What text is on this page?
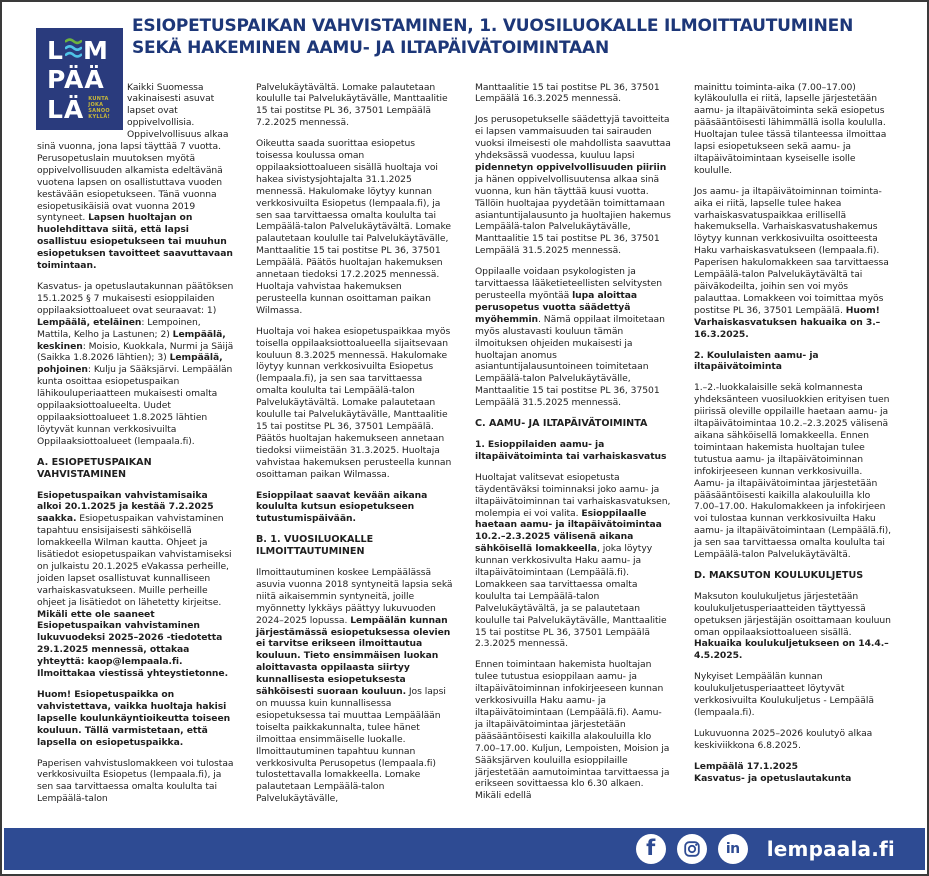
L M
PÄÄ
LÄ KUNTA
JOKA
SANOO
KYLLÄ!
ESIOPETUSPAIKAN VAHVISTAMINEN, 1. VUOSILUOKALLE ILMOITTAUTUMINEN SEKÄ HAKEMINEN AAMU- JA ILTAPÄIVÄTOIMINTAAN

Kaikki Suomessa vakinaisesti asuvat lapset ovat oppivelvollisia. Oppivelvollisuus alkaa sinä vuonna, jona lapsi täyttää 7 vuotta. Perusopetuslain muutoksen myötä oppivelvollisuuden alkamista edeltävänä vuotena lapsen on osallistuttava vuoden kestävään esiopetukseen. Tänä vuonna esiopetusikäisiä ovat vuonna 2019 syntyneet. Lapsen huoltajan on huolehdittava siitä, että lapsi osallistuu esiopetukseen tai muuhun esiopetuksen tavoitteet saavuttavaan toimintaan.

Kasvatus- ja opetuslautakunnan päätöksen 15.1.2025 § 7 mukaisesti esioppilaiden oppilaaksiottoalueet ovat seuraavat: 1) Lempäälä, eteläinen: Lempoinen, Mattila, Kelho ja Lastunen; 2) Lempäälä, keskinen: Moisio, Kuokkala, Nurmi ja Säijä (Saikka 1.8.2026 lähtien); 3) Lempäälä, pohjoinen: Kulju ja Sääksjärvi. Lempäälän kunta osoittaa esiopetuspaikan lähikouluperiaatteen mukaisesti omalta oppilaaksiottoalueelta. Uudet oppilaaksiottoalueet 1.8.2025 lähtien löytyvät kunnan verkkosivuilta Oppilaaksiottoalueet (lempaala.fi).

A. ESIOPETUSPAIKAN VAHVISTAMINEN

Esiopetuspaikan vahvistamisaika alkoi 20.1.2025 ja kestää 7.2.2025 saakka. Esiopetuspaikan vahvistaminen tapahtuu ensisijaisesti sähköisellä lomakkeella Wilman kautta. Ohjeet ja lisätiedot esiopetuspaikan vahvistamiseksi on julkaistu 20.1.2025 eVakassa perheille, joiden lapset osallistuvat kunnalliseen varhaiskasvatukseen. Muille perheille ohjeet ja lisätiedot on lähetetty kirjeitse. Mikäli ette ole saaneet Esiopetuspaikan vahvistaminen lukuvuodeksi 2025–2026 -tiedotetta 29.1.2025 mennessä, ottakaa yhteyttä: kaop@lempaala.fi. Ilmoittakaa viestissä yhteystietonne.

Huom! Esiopetuspaikka on vahvistettava, vaikka huoltaja hakisi lapselle koulunkäyntioikeutta toiseen kouluun. Tällä varmistetaan, että lapsella on esiopetuspaikka.

Paperisen vahvistuslomakkeen voi tulostaa verkkosivuilta Esiopetus (lempaala.fi), ja sen saa tarvittaessa omalta koululta tai Lempäälä-talon

Palvelukäytävältä. Lomake palautetaan koululle tai Palvelukäytävälle, Manttaalitie 15 tai postitse PL 36, 37501 Lempäälä 7.2.2025 mennessä.

Oikeutta saada suorittaa esiopetus toisessa koulussa oman oppilaaksiottoalueen sisällä huoltaja voi hakea sivistysjohtajalta 31.1.2025 mennessä. Hakulomake löytyy kunnan verkkosivuilta Esiopetus (lempaala.fi), ja sen saa tarvittaessa omalta koululta tai Lempäälä-talon Palvelukäytävältä. Lomake palautetaan koululle tai Palvelukäytävälle, Manttaalitie 15 tai postitse PL 36, 37501 Lempäälä. Päätös huoltajan hakemuksen annetaan tiedoksi 17.2.2025 mennessä. Huoltaja vahvistaa hakemuksen perusteella kunnan osoittaman paikan Wilmassa.

Huoltaja voi hakea esiopetuspaikkaa myös toisella oppilaaksiottoalueella sijaitsevaan kouluun 8.3.2025 mennessä. Hakulomake löytyy kunnan verkkosivuilta Esiopetus (lempaala.fi), ja sen saa tarvittaessa omalta koululta tai Lempäälä-talon Palvelukäytävältä. Lomake palautetaan koululle tai Palvelukäytävälle, Manttaalitie 15 tai postitse PL 36, 37501 Lempäälä. Päätös huoltajan hakemukseen annetaan tiedoksi viimeistään 31.3.2025. Huoltaja vahvistaa hakemuksen perusteella kunnan osoittaman paikan Wilmassa.

Esioppilaat saavat kevään aikana koululta kutsun esiopetukseen tutustumispäivään.

B. 1. VUOSILUOKALLE ILMOITTAUTUMINEN

Ilmoittautuminen koskee Lempäälässä asuvia vuonna 2018 syntyneitä lapsia sekä niitä aikaisemmin syntyneitä, joille myönnetty lykkäys päättyy lukuvuoden 2024–2025 lopussa. Lempäälän kunnan järjestämässä esiopetuksessa olevien ei tarvitse erikseen ilmoittautua kouluun. Tieto ensimmäisen luokan aloittavasta oppilaasta siirtyy kunnallisesta esiopetuksesta sähköisesti suoraan kouluun. Jos lapsi on muussa kuin kunnallisessa esiopetuksessa tai muuttaa Lempäälään toiselta paikkakunnalta, tulee hänet ilmoittaa ensimmäiselle luokalle. Ilmoittautuminen tapahtuu kunnan verkkosivulta Perusopetus (lempaala.fi) tulostettavalla lomakkeella. Lomake palautetaan Lempäälä-talon Palvelukäytävälle,

Manttaalitie 15 tai postitse PL 36, 37501 Lempäälä 16.3.2025 mennessä.

Jos perusopetukselle säädettyjä tavoitteita ei lapsen vammaisuuden tai sairauden vuoksi ilmeisesti ole mahdollista saavuttaa yhdeksässä vuodessa, kuuluu lapsi pidennetyn oppivelvollisuuden piiriin ja hänen oppivelvollisuutensa alkaa sinä vuonna, kun hän täyttää kuusi vuotta. Tällöin huoltajaa pyydetään toimittamaan asiantuntijalausunto ja huoltajien hakemus Lempäälä-talon Palvelukäytävälle, Manttaalitie 15 tai postitse PL 36, 37501 Lempäälä 31.5.2025 mennessä.

Oppilaalle voidaan psykologisten ja tarvittaessa lääketieteellisten selvitysten perusteella myöntää lupa aloittaa perusopetus vuotta säädettyä myöhemmin. Nämä oppilaat ilmoitetaan myös alustavasti kouluun tämän ilmoituksen ohjeiden mukaisesti ja huoltajan anomus asiantuntijalausuntoineen toimitetaan Lempäälä-talon Palvelukäytävälle, Manttaalitie 15 tai postitse PL 36, 37501 Lempäälä 31.5.2025 mennessä.

C. AAMU- JA ILTAPÄIVÄTOIMINTA
1. Esioppilaiden aamu- ja iltapäivätoiminta tai varhaiskasvatus

Huoltajat valitsevat esiopetusta täydentäväksi toiminnaksi joko aamu- ja iltapäivätoiminnan tai varhaiskasvatuksen, molempia ei voi valita. Esioppilaalle haetaan aamu- ja iltapäivätoimintaa 10.2.–2.3.2025 välisenä aikana sähköisellä lomakkeella, joka löytyy kunnan verkkosivulta Haku aamu- ja iltapäivätoimintaan (Lempäälä.fi). Lomakkeen saa tarvittaessa omalta koululta tai Lempäälä-talon Palvelukäytävältä, ja se palautetaan koululle tai Palvelukäytävälle, Manttaalitie 15 tai postitse PL 36, 37501 Lempäälä 2.3.2025 mennessä.

Ennen toimintaan hakemista huoltajan tulee tutustua esioppilaan aamu- ja iltapäivätoiminnan infokirjeeseen kunnan verkkosivuilla Haku aamu- ja iltapäivätoimintaan (Lempäälä.fi). Aamu- ja iltapäivätoimintaa järjestetään pääsääntöisesti kaikilla alakouluilla klo 7.00–17.00. Kuljun, Lempoisten, Moision ja Sääksjärven kouluilla esioppilaille järjestetään aamutoimintaa tarvittaessa ja erikseen sovittaessa klo 6.30 alkaen. Mikäli edellä

mainittu toiminta-aika (7.00–17.00) kyläkoululla ei riitä, lapselle järjestetään aamu- ja iltapäivätoiminta sekä esiopetus pääsääntöisesti lähimmällä isolla koululla. Huoltajan tulee tässä tilanteessa ilmoittaa lapsi esiopetukseen sekä aamu- ja iltapäivätoimintaan kyseiselle isolle koululle.

Jos aamu- ja iltapäivätoiminnan toiminta-aika ei riitä, lapselle tulee hakea varhaiskasvatuspaikkaa erillisellä hakemuksella. Varhaiskasvatushakemus löytyy kunnan verkkosivuilta osoitteesta Haku varhaiskasvatukseen (lempaala.fi). Paperisen hakulomakkeen saa tarvittaessa Lempäälä-talon Palvelukäytävältä tai päiväkodeilta, joihin sen voi myös palauttaa. Lomakkeen voi toimittaa myös postitse PL 36, 37501 Lempäälä. Huom! Varhaiskasvatuksen hakuaika on 3.–16.3.2025.

2. Koululaisten aamu- ja iltapäivätoiminta

1.–2.-luokkalaisille sekä kolmannesta yhdeksänteen vuosiluokkien erityisen tuen piirissä oleville oppilaille haetaan aamu- ja iltapäivätoimintaa 10.2.–2.3.2025 välisenä aikana sähköisellä lomakkeella. Ennen toimintaan hakemista huoltajan tulee tutustua aamu- ja iltapäivätoiminnan infokirjeeseen kunnan verkkosivuilla. Aamu- ja iltapäivätoimintaa järjestetään pääsääntöisesti kaikilla alakouluilla klo 7.00–17.00. Hakulomakkeen ja infokirjeen voi tulostaa kunnan verkkosivuilta Haku aamu- ja iltapäivätoimintaan (Lempäälä.fi), ja sen saa tarvittaessa omalta koululta tai Lempäälä-talon Palvelukäytävältä.

D. MAKSUTON KOULUKULJETUS

Maksuton koulukuljetus järjestetään koulukuljetusperiaatteiden täyttyessä opetuksen järjestäjän osoittamaan kouluun oman oppilaaksiottoalueen sisällä. Hakuaika koulukuljetukseen on 14.4.–4.5.2025.

Nykyiset Lempäälän kunnan koulukuljetusperiaatteet löytyvät verkkosivuilta Koulukuljetus - Lempäälä (lempaala.fi).

Lukuvuonna 2025–2026 koulutyö alkaa keskiviikkona 6.8.2025.

Lempäälä 17.1.2025
Kasvatus- ja opetuslautakunta

f	in	lempaala.fi
